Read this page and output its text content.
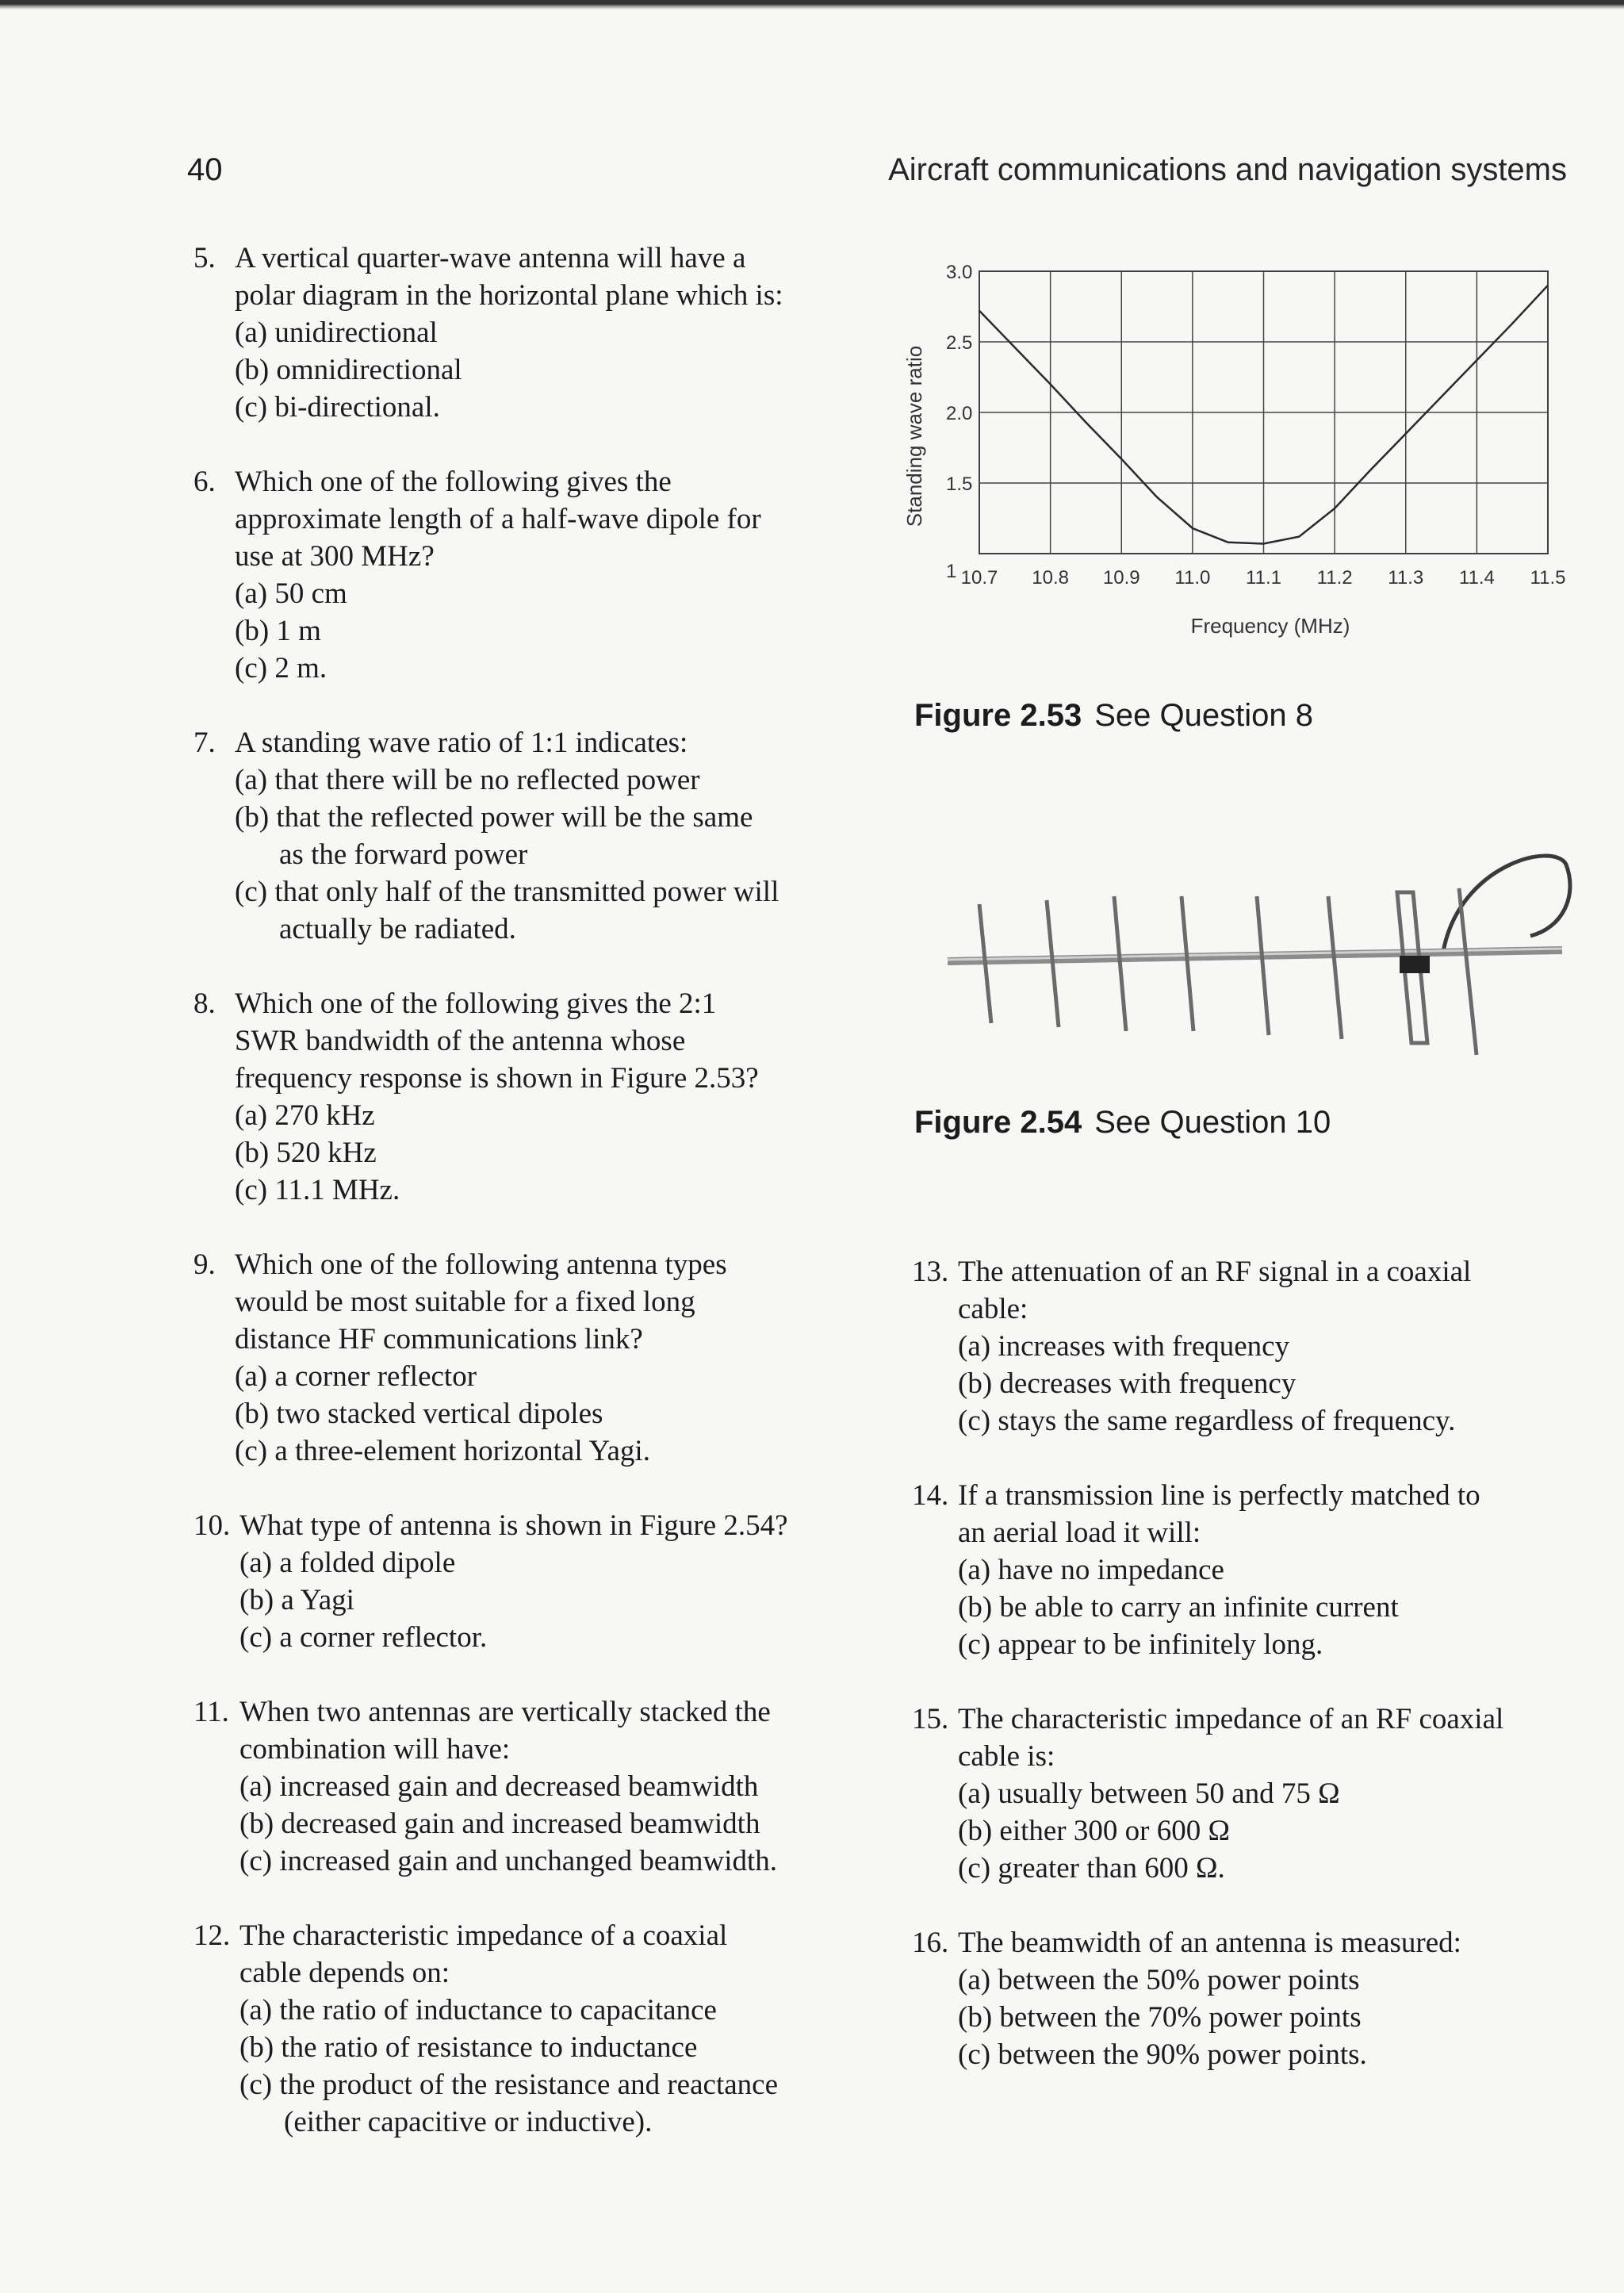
40	Aircraft communications and navigation systems
5. A vertical quarter-wave antenna will have a
polar diagram in the horizontal plane which is:
(a) unidirectional
(b) omnidirectional
(c) bi-directional.
6. Which one of the following gives the
approximate length of a half-wave dipole for
use at 300 MHz?
(a) 50 cm
(b) 1 m
(c) 2 m.
7. A standing wave ratio of 1:1 indicates:
(a) that there will be no reflected power
(b) that the reflected power will be the same
as the forward power
(c) that only half of the transmitted power will
actually be radiated.
8. Which one of the following gives the 2:1
SWR bandwidth of the antenna whose
frequency response is shown in Figure 2.53?
(a) 270 kHz
(b) 520 kHz
(c) 11.1 MHz.
9. Which one of the following antenna types
would be most suitable for a fixed long
distance HF communications link?
(a) a corner reflector
(b) two stacked vertical dipoles
(c) a three-element horizontal Yagi.
10. What type of antenna is shown in Figure 2.54?
(a) a folded dipole
(b) a Yagi
(c) a corner reflector.
11. When two antennas are vertically stacked the
combination will have:
(a) increased gain and decreased beamwidth
(b) decreased gain and increased beamwidth
(c) increased gain and unchanged beamwidth.
12. The characteristic impedance of a coaxial
cable depends on:
(a) the ratio of inductance to capacitance
(b) the ratio of resistance to inductance
(c) the product of the resistance and reactance
(either capacitive or inductive).
13. The attenuation of an RF signal in a coaxial
cable:
(a) increases with frequency
(b) decreases with frequency
(c) stays the same regardless of frequency.
14. If a transmission line is perfectly matched to
an aerial load it will:
(a) have no impedance
(b) be able to carry an infinite current
(c) appear to be infinitely long.
15. The characteristic impedance of an RF coaxial
cable is:
(a) usually between 50 and 75 Ω
(b) either 300 or 600 Ω
(c) greater than 600 Ω.
16. The beamwidth of an antenna is measured:
(a) between the 50% power points
(b) between the 70% power points
(c) between the 90% power points.
1
1.5
2.0
2.5
3.0
10.7 10.8 10.9 11.0 11.1 11.2 11.3 11.4 11.5
Standing wave ratio
Frequency (MHz)
Figure 2.53 See Question 8
Figure 2.54 See Question 10
